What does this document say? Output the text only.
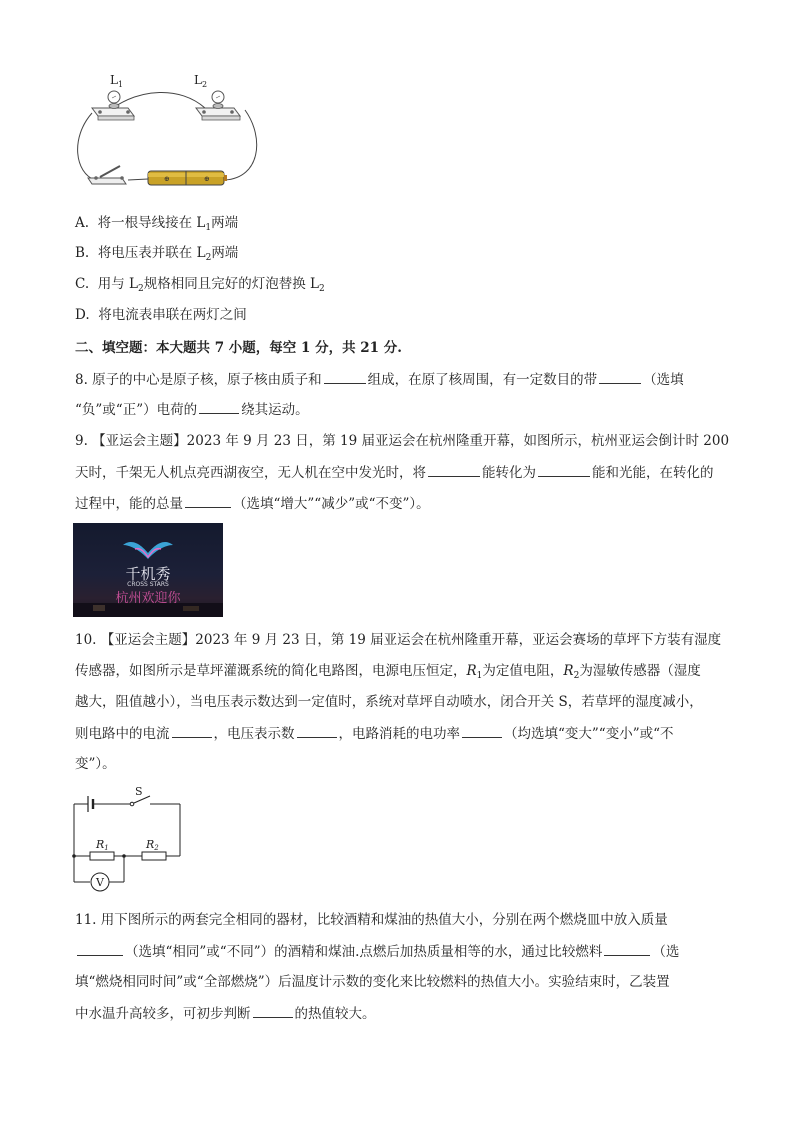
⊕	⊕
$L_1$	$L_2$
A. 将一根导线接在 $L_1$两端
B. 将电压表并联在 $L_2$两端
C. 用与 $L_2$规格相同且完好的灯泡替换 $L_2$
D. 将电流表串联在两灯之间
二、填空题：本大题共 7 小题，每空 1 分，共 21 分.
8. 原子的中心是原子核，原子核由质子和	组成，在原了核周围，有一定数目的带	（选填
“负”或“正”）电荷的	绕其运动。
9. 【亚运会主题】2023 年 9 月 23 日，第 19 届亚运会在杭州隆重开幕，如图所示，杭州亚运会倒计时 200
天时，千架无人机点亮西湖夜空，无人机在空中发光时，将	能转化为	能和光能，在转化的
过程中，能的总量	（选填“增大”“减少”或“不变”）。
千机秀
CROSS STARS
杭州欢迎你
10. 【亚运会主题】2023 年 9 月 23 日，第 19 届亚运会在杭州隆重开幕，亚运会赛场的草坪下方装有湿度
传感器，如图所示是草坪灌溉系统的简化电路图，电源电压恒定，$R_1$为定值电阻，$R_2$为湿敏传感器（湿度
越大，阻值越小），当电压表示数达到一定值时，系统对草坪自动喷水，闭合开关 S，若草坪的湿度减小，
则电路中的电流	，电压表示数	，电路消耗的电功率	（均选填“变大”“变小”或“不
变”）。
S
R1	R2
V
11. 用下图所示的两套完全相同的器材，比较酒精和煤油的热值大小，分别在两个燃烧皿中放入质量
（选填“相同”或“不同”）的酒精和煤油.点燃后加热质量相等的水，通过比较燃料	（选
填“燃烧相同时间”或“全部燃烧”）后温度计示数的变化来比较燃料的热值大小。实验结束时，乙装置
中水温升高较多，可初步判断	的热值较大。
